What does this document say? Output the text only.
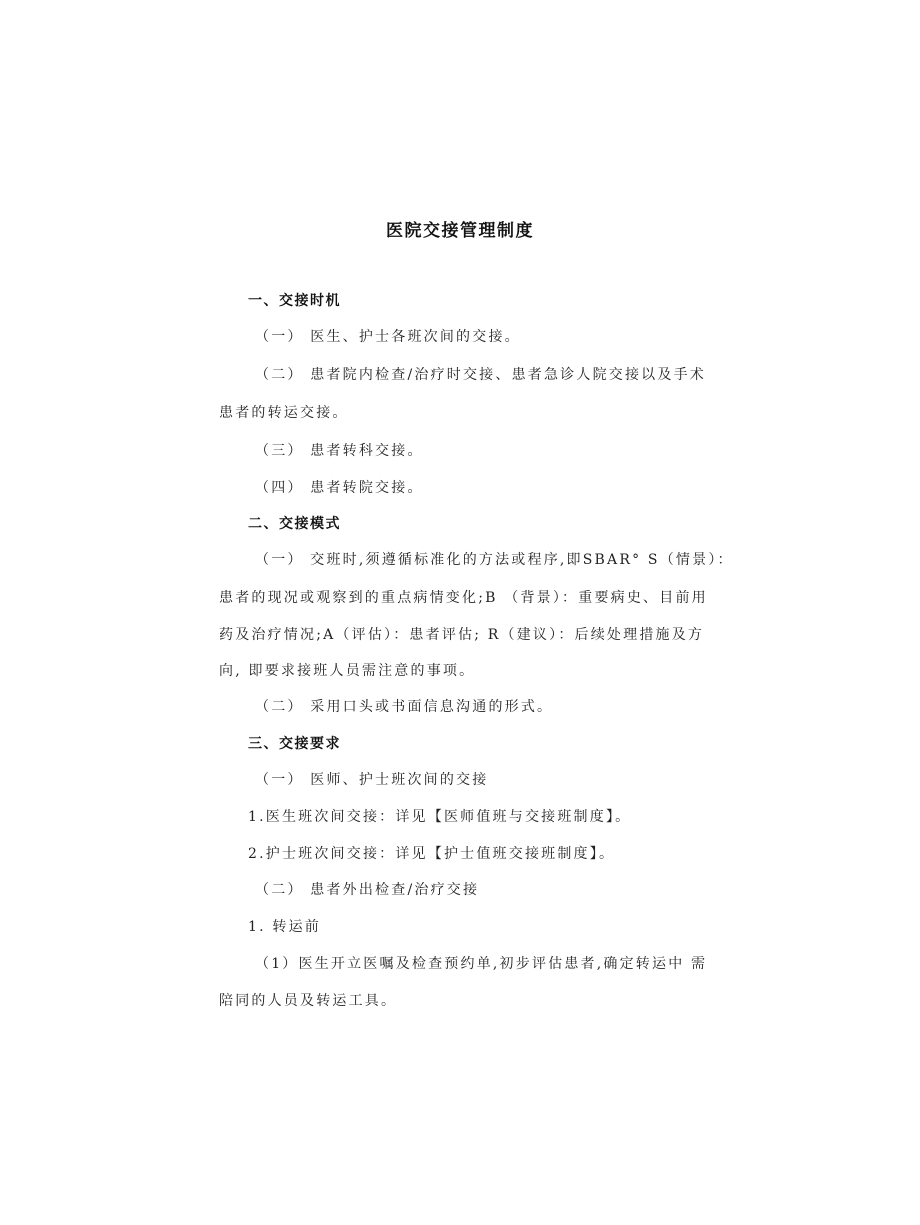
医院交接管理制度
一、交接时机
（一） 医生、护士各班次间的交接。
（二） 患者院内检查/治疗时交接、患者急诊人院交接以及手术
患者的转运交接。
（三） 患者转科交接。
（四） 患者转院交接。
二、交接模式
（一） 交班时,须遵循标准化的方法或程序,即SBAR° S（情景）：
患者的现况或观察到的重点病情变化;B （背景）：重要病史、目前用
药及治疗情况;A（评估）：患者评估; R（建议）：后续处理措施及方
向, 即要求接班人员需注意的事项。
（二） 采用口头或书面信息沟通的形式。
三、交接要求
（一） 医师、护士班次间的交接
1.医生班次间交接：详见【医师值班与交接班制度】。
2.护士班次间交接：详见【护士值班交接班制度】。
（二） 患者外出检查/治疗交接
1. 转运前
（1）医生开立医嘱及检查预约单,初步评估患者,确定转运中 需
陪同的人员及转运工具。
